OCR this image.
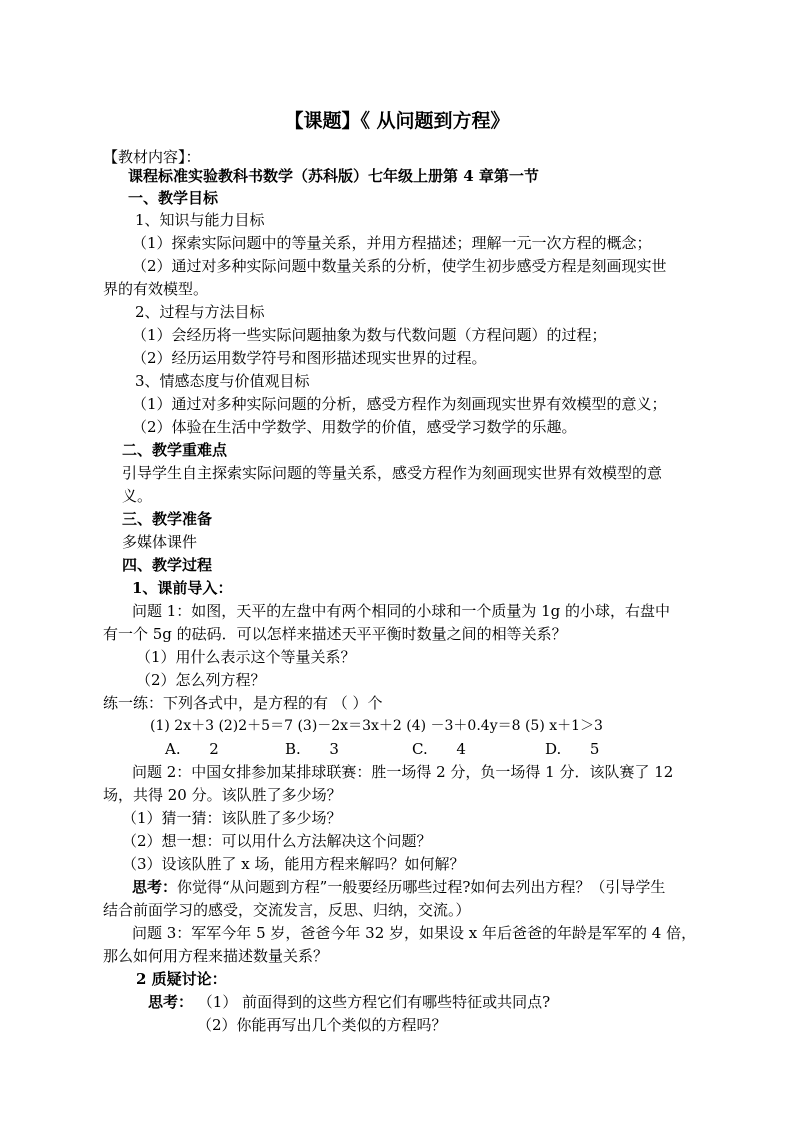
【课题】《 从问题到方程》
【教材内容】：
课程标准实验教科书数学（苏科版）七年级上册第 4 章第一节
一、教学目标
1、知识与能力目标
（1）探索实际问题中的等量关系，并用方程描述；理解一元一次方程的概念；
（2）通过对多种实际问题中数量关系的分析，使学生初步感受方程是刻画现实世
界的有效模型。
2、过程与方法目标
（1）会经历将一些实际问题抽象为数与代数问题（方程问题）的过程；
（2）经历运用数学符号和图形描述现实世界的过程。
3、情感态度与价值观目标
（1）通过对多种实际问题的分析，感受方程作为刻画现实世界有效模型的意义；
（2）体验在生活中学数学、用数学的价值，感受学习数学的乐趣。
二、教学重难点
引导学生自主探索实际问题的等量关系，感受方程作为刻画现实世界有效模型的意
义。
三、教学准备
多媒体课件
四、教学过程
1、课前导入：
问题 1：如图，天平的左盘中有两个相同的小球和一个质量为 1g 的小球，右盘中
有一个 5g 的砝码．可以怎样来描述天平平衡时数量之间的相等关系？
（1）用什么表示这个等量关系？
（2）怎么列方程？
练一练：下列各式中，是方程的有 （ ）个
(1) 2x＋3 (2)2＋5＝7 (3)－2x＝3x＋2 (4) －3＋0.4y＝8 (5) x＋1＞3
A. 2	B. 3	C. 4	D. 5
问题 2：中国女排参加某排球联赛：胜一场得 2 分，负一场得 1 分．该队赛了 12
场，共得 20 分。该队胜了多少场？
（1）猜一猜：该队胜了多少场？
（2）想一想：可以用什么方法解决这个问题？
（3）设该队胜了 x 场，能用方程来解吗？如何解？
思考：你觉得“从问题到方程”一般要经历哪些过程?如何去列出方程？（引导学生
结合前面学习的感受，交流发言，反思、归纳，交流。）
问题 3：军军今年 5 岁，爸爸今年 32 岁，如果设 x 年后爸爸的年龄是军军的 4 倍，
那么如何用方程来描述数量关系？
2 质疑讨论：
思考： （1） 前面得到的这些方程它们有哪些特征或共同点?
（2）你能再写出几个类似的方程吗？
